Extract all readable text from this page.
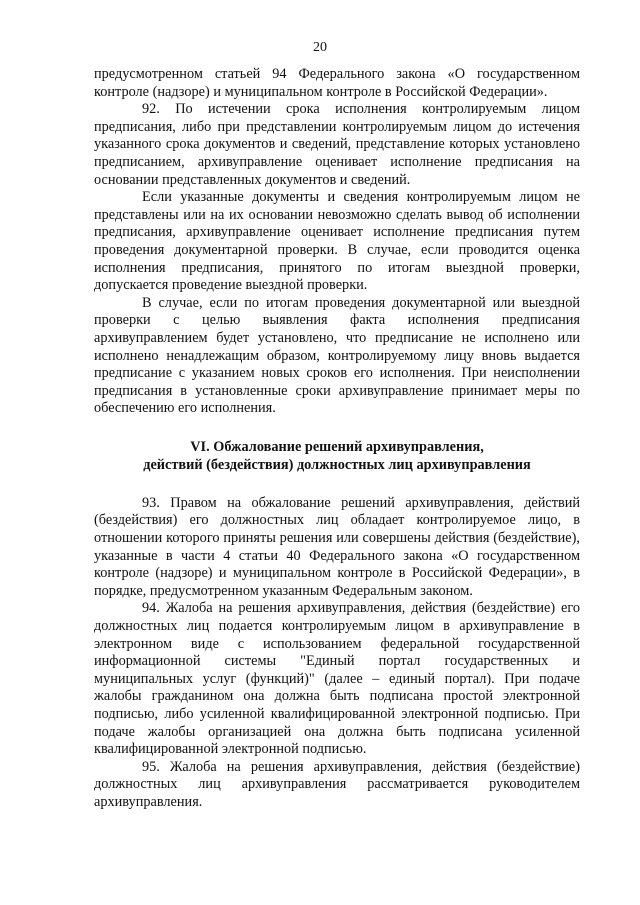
20

предусмотренном статьей 94 Федерального закона «О государственном контроле (надзоре) и муниципальном контроле в Российской Федерации».

92. По истечении срока исполнения контролируемым лицом предписания, либо при представлении контролируемым лицом до истечения указанного срока документов и сведений, представление которых установлено предписанием, архивуправление оценивает исполнение предписания на основании представленных документов и сведений.

Если указанные документы и сведения контролируемым лицом не представлены или на их основании невозможно сделать вывод об исполнении предписания, архивуправление оценивает исполнение предписания путем проведения документарной проверки. В случае, если проводится оценка исполнения предписания, принятого по итогам выездной проверки, допускается проведение выездной проверки.

В случае, если по итогам проведения документарной или выездной проверки с целью выявления факта исполнения предписания архивуправлением будет установлено, что предписание не исполнено или исполнено ненадлежащим образом, контролируемому лицу вновь выдается предписание с указанием новых сроков его исполнения. При неисполнении предписания в установленные сроки архивуправление принимает меры по обеспечению его исполнения.

VI. Обжалование решений архивуправления,
действий (бездействия) должностных лиц архивуправления

93. Правом на обжалование решений архивуправления, действий (бездействия) его должностных лиц обладает контролируемое лицо, в отношении которого приняты решения или совершены действия (бездействие), указанные в части 4 статьи 40 Федерального закона «О государственном контроле (надзоре) и муниципальном контроле в Российской Федерации», в порядке, предусмотренном указанным Федеральным законом.

94. Жалоба на решения архивуправления, действия (бездействие) его должностных лиц подается контролируемым лицом в архивуправление в электронном виде с использованием федеральной государственной информационной системы "Единый портал государственных и муниципальных услуг (функций)" (далее – единый портал). При подаче жалобы гражданином она должна быть подписана простой электронной подписью, либо усиленной квалифицированной электронной подписью. При подаче жалобы организацией она должна быть подписана усиленной квалифицированной электронной подписью.

95. Жалоба на решения архивуправления, действия (бездействие) должностных лиц архивуправления рассматривается руководителем архивуправления.
